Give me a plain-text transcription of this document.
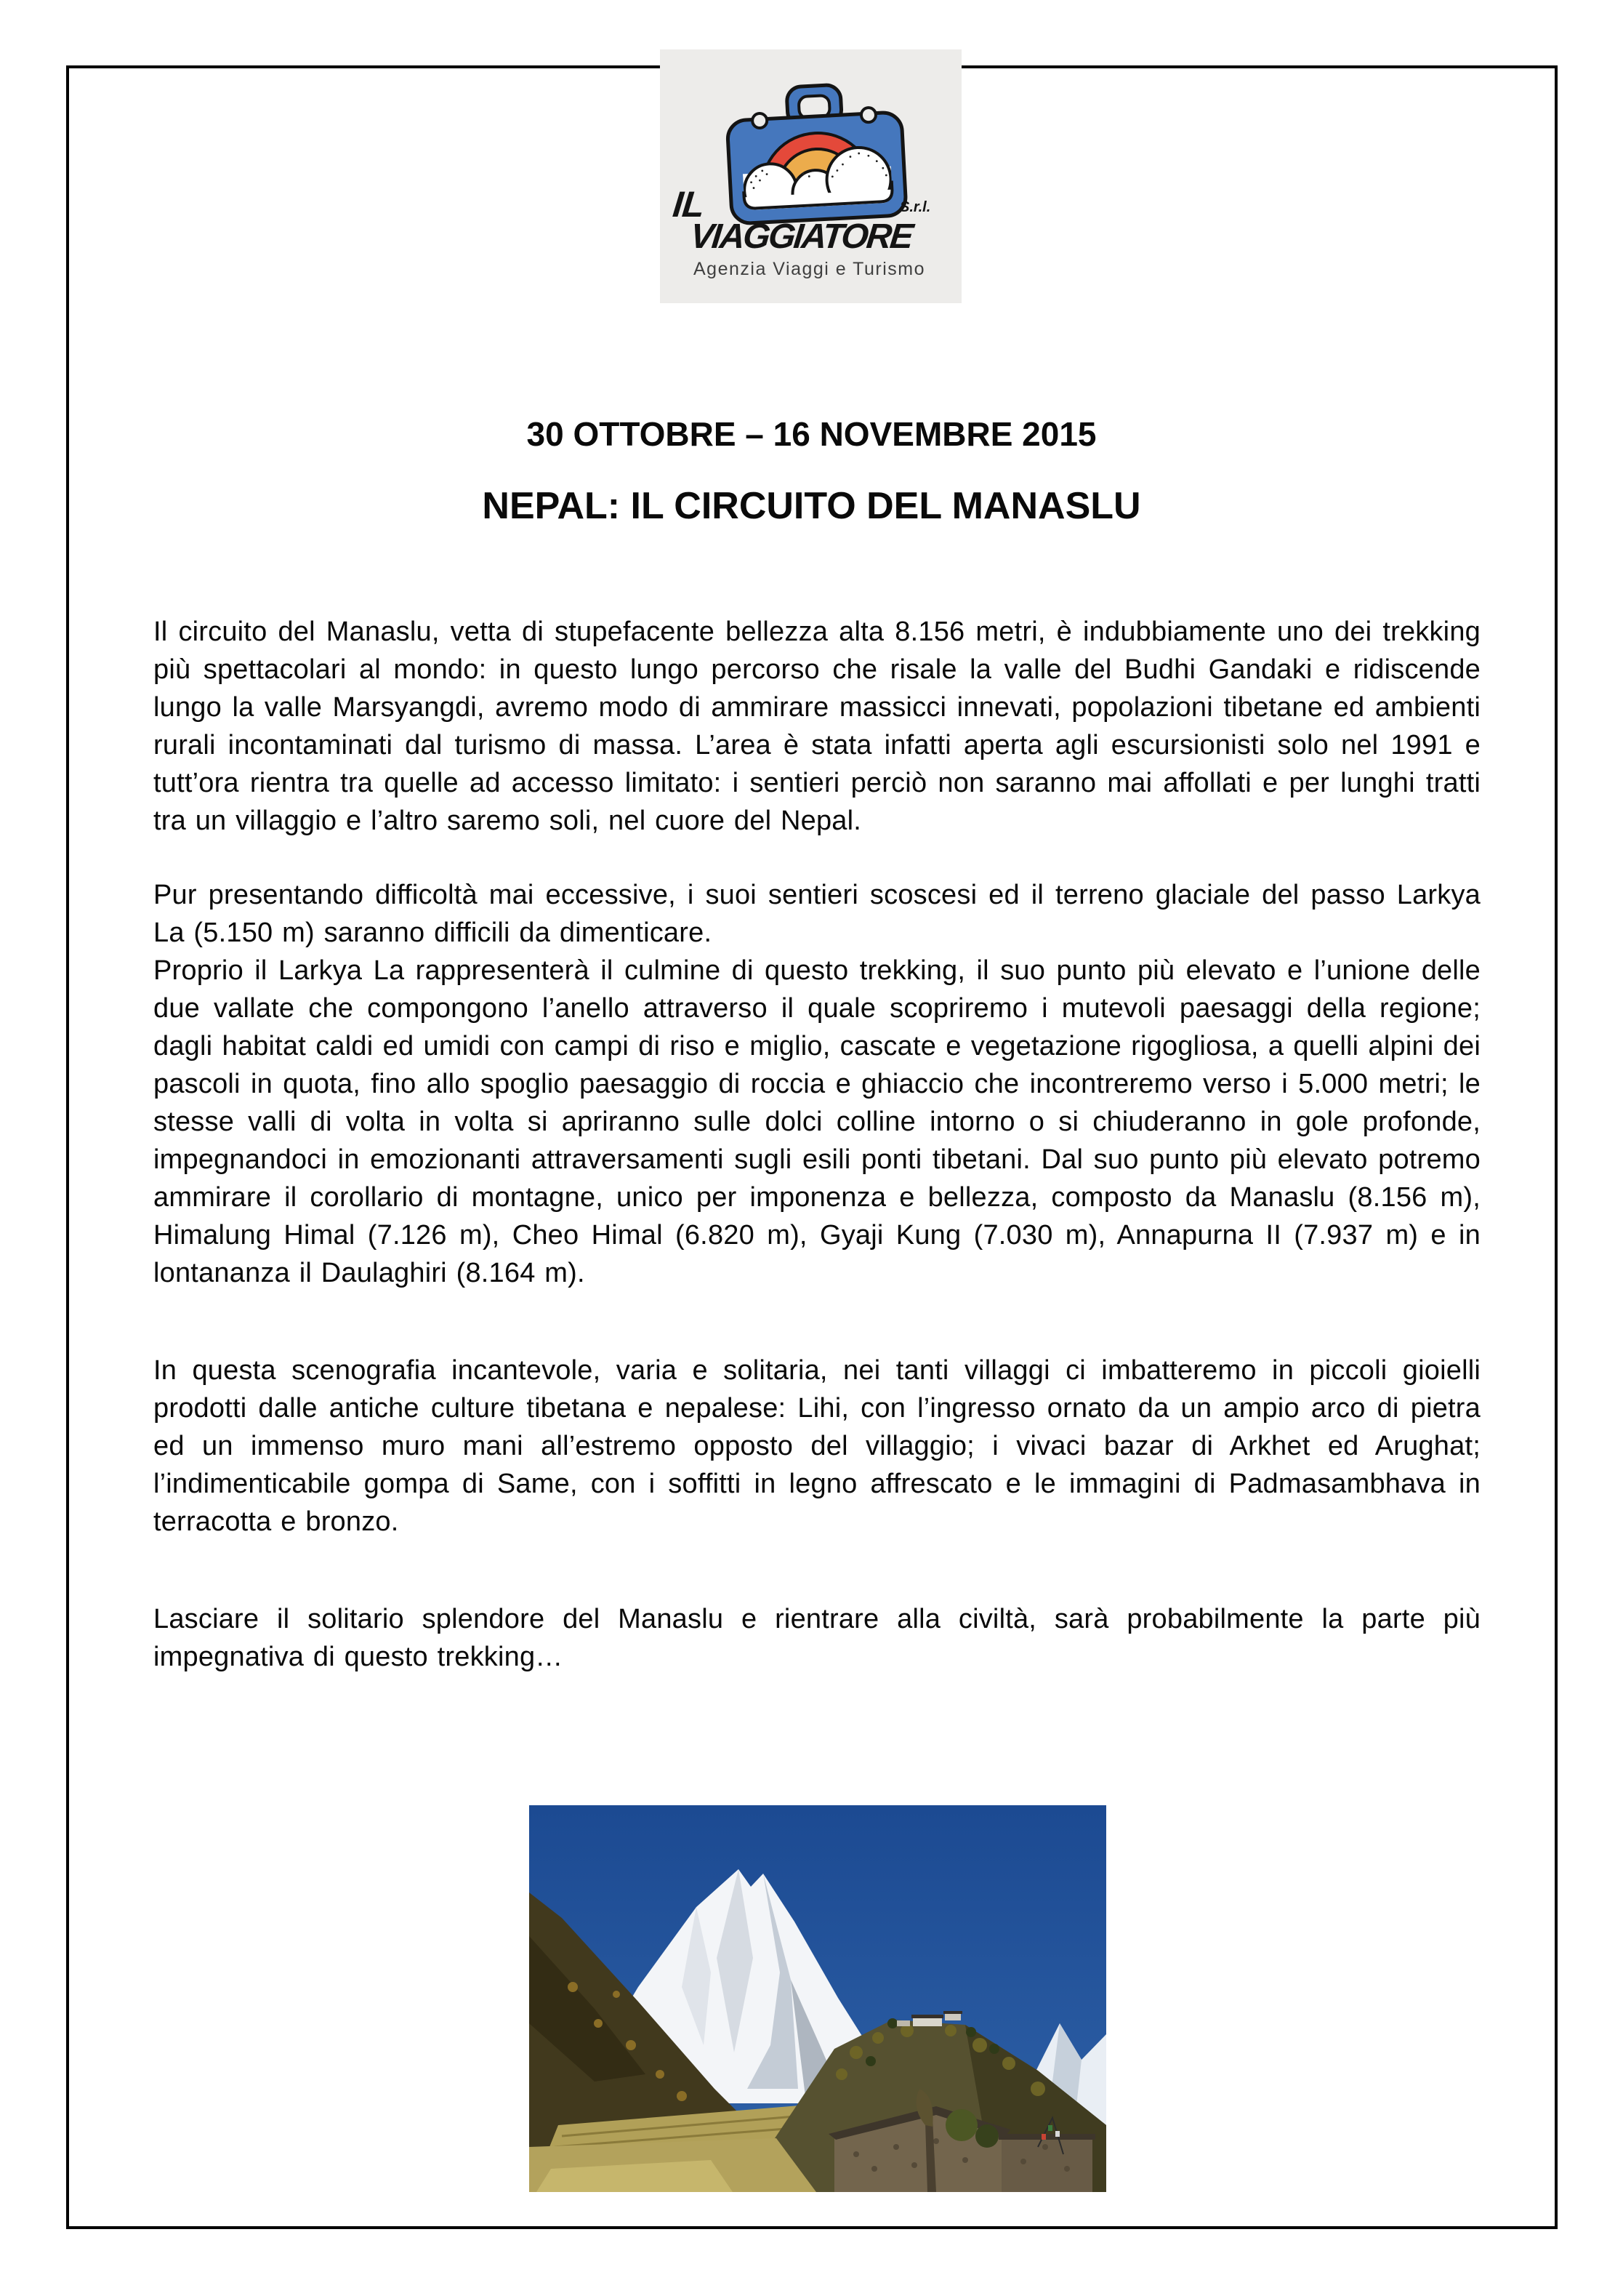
IL	S.r.l.
VIAGGIATORE
Agenzia Viaggi e Turismo
30 OTTOBRE – 16 NOVEMBRE 2015
NEPAL: IL CIRCUITO DEL MANASLU

Il circuito del Manaslu, vetta di stupefacente bellezza alta 8.156 metri, è indubbiamente uno dei trekking più spettacolari al mondo: in questo lungo percorso che risale la valle del Budhi Gandaki e ridiscende lungo la valle Marsyangdi, avremo modo di ammirare massicci innevati, popolazioni tibetane ed ambienti rurali incontaminati dal turismo di massa. L’area è stata infatti aperta agli escursionisti solo nel 1991 e tutt’ora rientra tra quelle ad accesso limitato: i sentieri perciò non saranno mai affollati e per lunghi tratti tra un villaggio e l’altro saremo soli, nel cuore del Nepal.

Pur presentando difficoltà mai eccessive, i suoi sentieri scoscesi ed il terreno glaciale del passo Larkya La (5.150 m) saranno difficili da dimenticare.

Proprio il Larkya La rappresenterà il culmine di questo trekking, il suo punto più elevato e l’unione delle due vallate che compongono l’anello attraverso il quale scopriremo i mutevoli paesaggi della regione; dagli habitat caldi ed umidi con campi di riso e miglio, cascate e vegetazione rigogliosa, a quelli alpini dei pascoli in quota, fino allo spoglio paesaggio di roccia e ghiaccio che incontreremo verso i 5.000 metri; le stesse valli di volta in volta si apriranno sulle dolci colline intorno o si chiuderanno in gole profonde, impegnandoci in emozionanti attraversamenti sugli esili ponti tibetani. Dal suo punto più elevato potremo ammirare il corollario di montagne, unico per imponenza e bellezza, composto da Manaslu (8.156 m), Himalung Himal (7.126 m), Cheo Himal (6.820 m), Gyaji Kung (7.030 m), Annapurna II (7.937 m) e in lontananza il Daulaghiri (8.164 m).

In questa scenografia incantevole, varia e solitaria, nei tanti villaggi ci imbatteremo in piccoli gioielli prodotti dalle antiche culture tibetana e nepalese: Lihi, con l’ingresso ornato da un ampio arco di pietra ed un immenso muro mani all’estremo opposto del villaggio; i vivaci bazar di Arkhet ed Arughat; l’indimenticabile gompa di Same, con i soffitti in legno affrescato e le immagini di Padmasambhava in terracotta e bronzo.

Lasciare il solitario splendore del Manaslu e rientrare alla civiltà, sarà probabilmente la parte più impegnativa di questo trekking…
